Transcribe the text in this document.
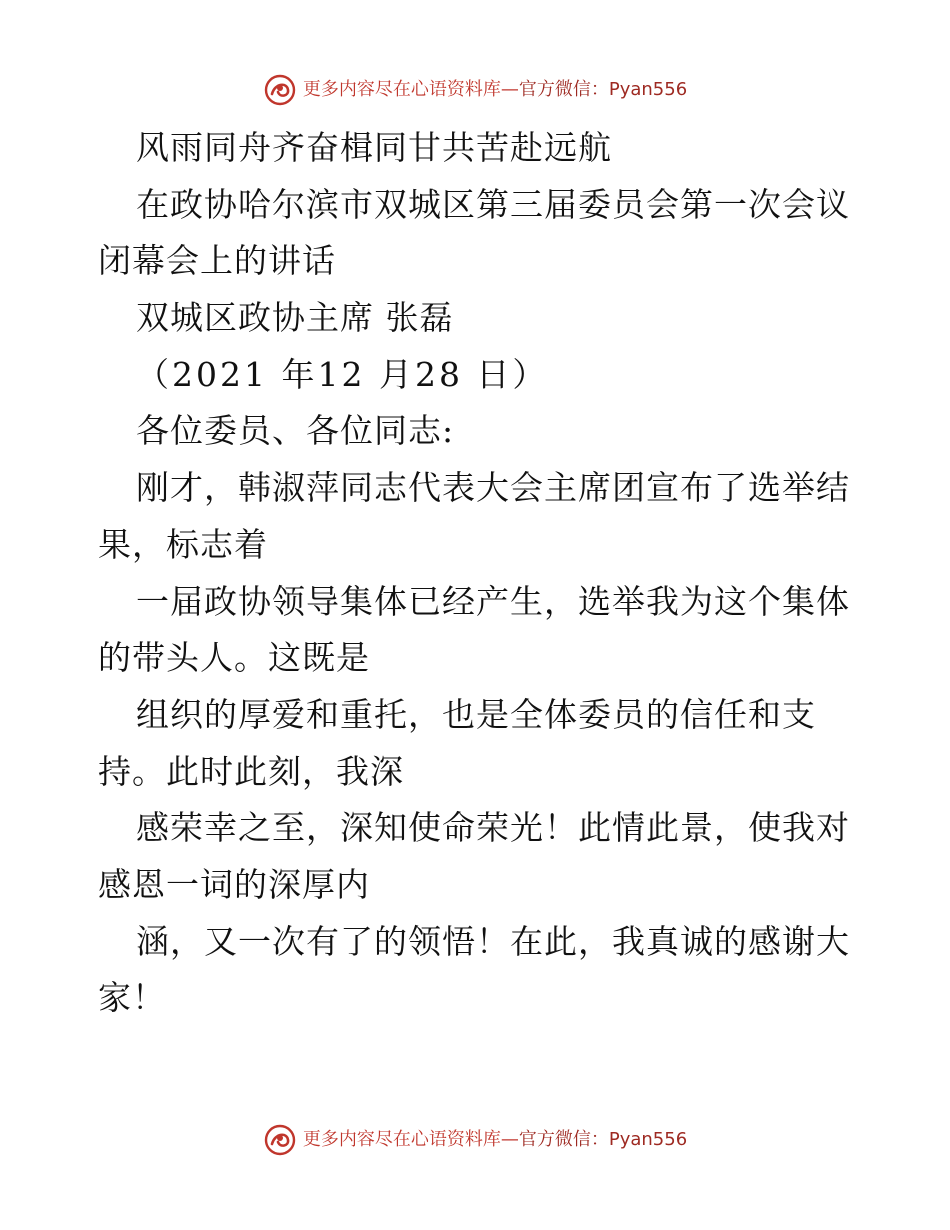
更多内容尽在心语资料库—官方微信：Pyan556
风雨同舟齐奋楫同甘共苦赴远航
在政协哈尔滨市双城区第三届委员会第一次会议
闭幕会上的讲话
双城区政协主席 张磊
（2021 年12 月28 日）
各位委员、各位同志:
刚才，韩淑萍同志代表大会主席团宣布了选举结
果，标志着
一届政协领导集体已经产生，选举我为这个集体
的带头人。这既是
组织的厚爱和重托，也是全体委员的信任和支
持。此时此刻，我深
感荣幸之至，深知使命荣光！此情此景，使我对
感恩一词的深厚内
涵，又一次有了的领悟！在此，我真诚的感谢大
家！
更多内容尽在心语资料库—官方微信：Pyan556
